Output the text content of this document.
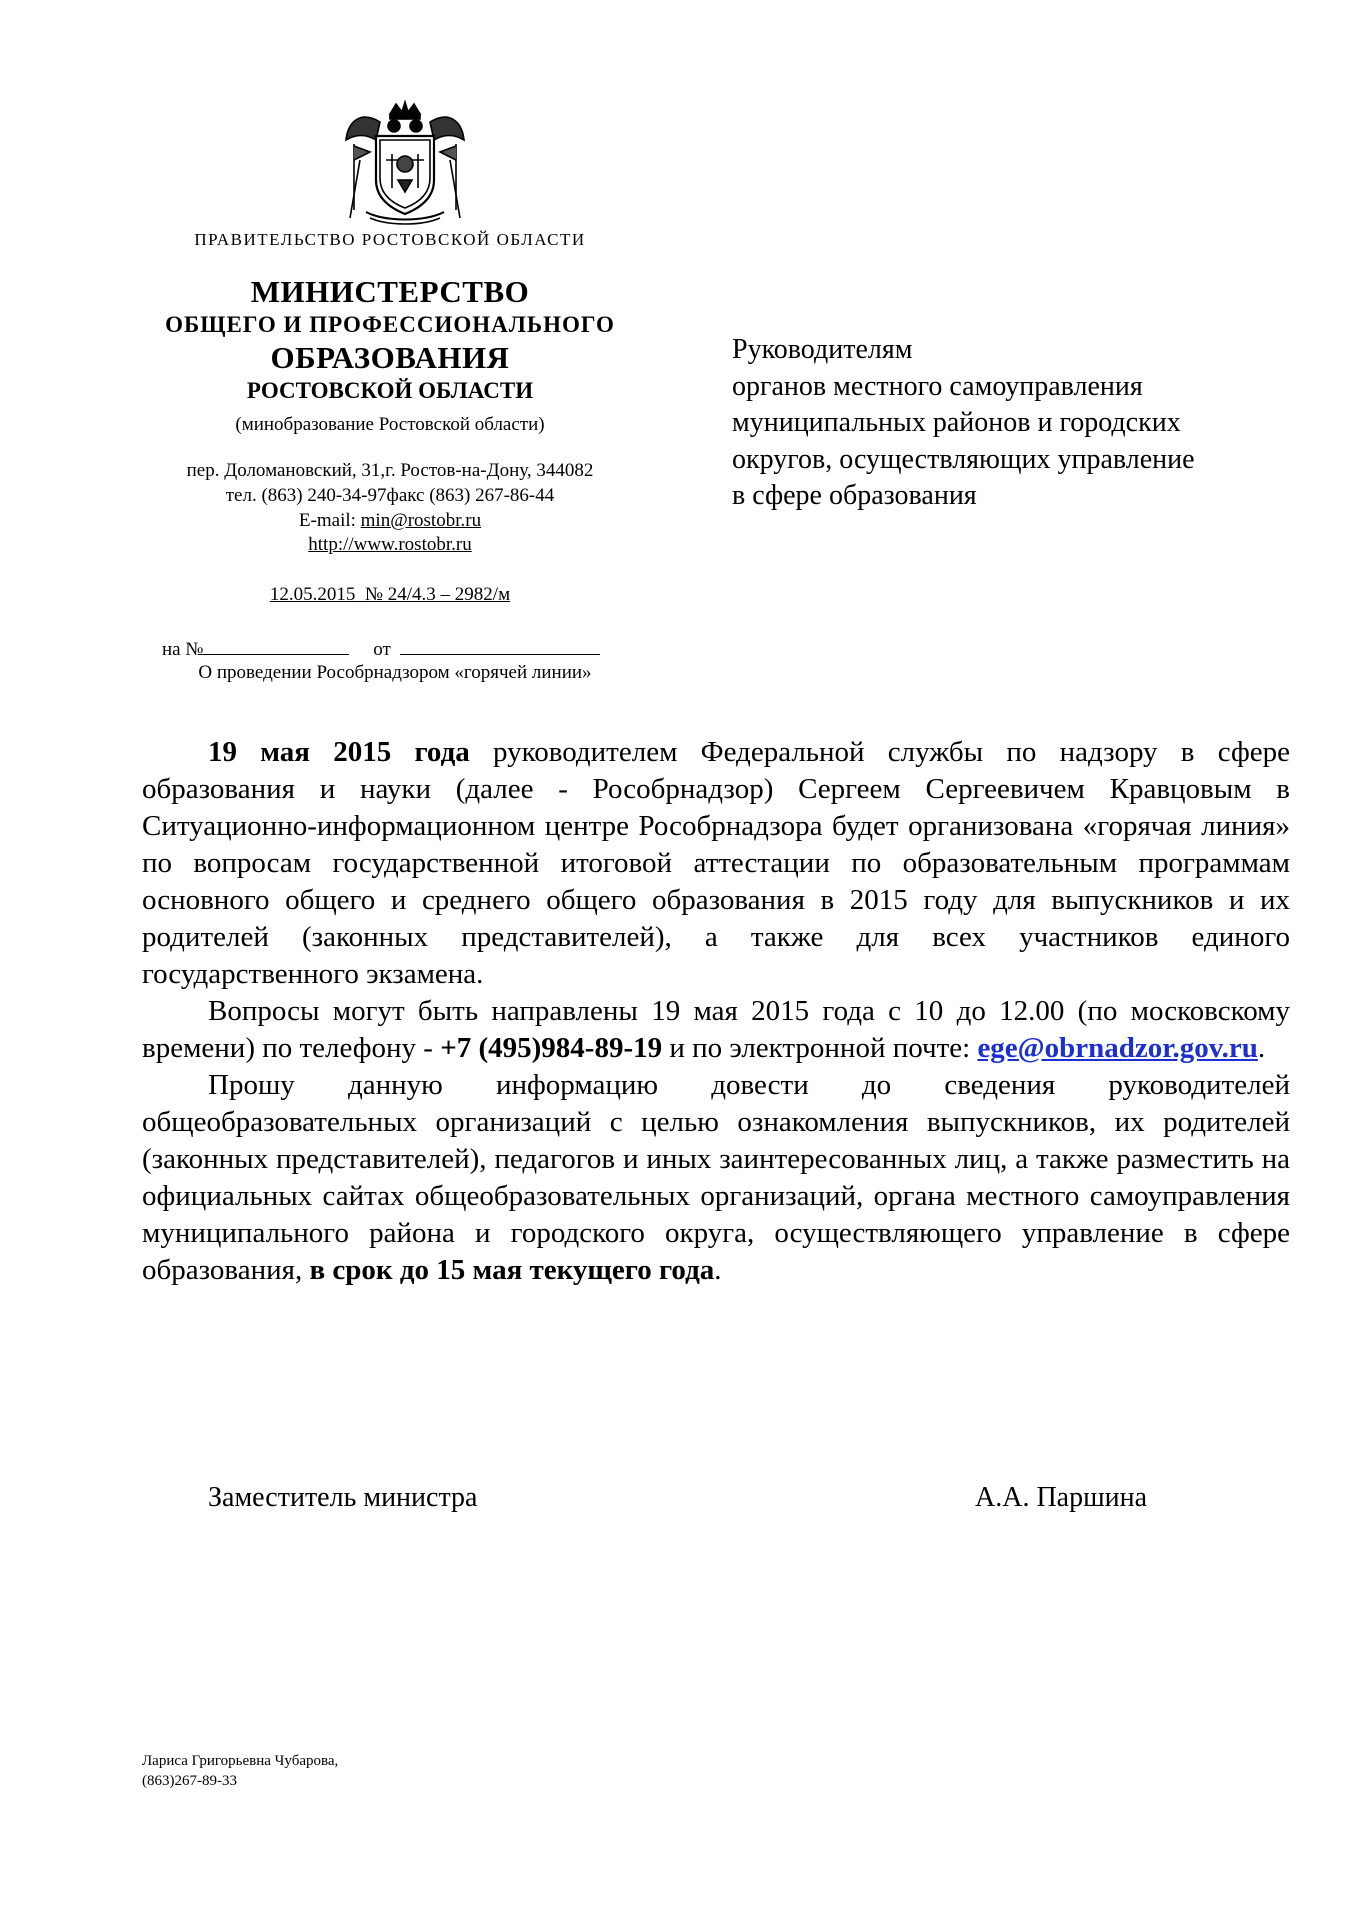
ПРАВИТЕЛЬСТВО РОСТОВСКОЙ ОБЛАСТИ
МИНИСТЕРСТВО
ОБЩЕГО И ПРОФЕССИОНАЛЬНОГО
ОБРАЗОВАНИЯ
РОСТОВСКОЙ ОБЛАСТИ
(минобразование Ростовской области)
пер. Доломановский, 31,г. Ростов-на-Дону, 344082
тел. (863) 240-34-97факс (863) 267-86-44
E-mail: min@rostobr.ru
http://www.rostobr.ru
12.05.2015 № 24/4.3 – 2982/м
на №	от
О проведении Рособрнадзором «горячей линии»
Руководителям
органов местного самоуправления
муниципальных районов и городских
округов, осуществляющих управление
в сфере образования

19 мая 2015 года руководителем Федеральной службы по надзору в сфере образования и науки (далее - Рособрнадзор) Сергеем Сергеевичем Кравцовым в Ситуационно-информационном центре Рособрнадзора будет организована «горячая линия» по вопросам государственной итоговой аттестации по образовательным программам основного общего и среднего общего образования в 2015 году для выпускников и их родителей (законных представителей), а также для всех участников единого государственного экзамена.

Вопросы могут быть направлены 19 мая 2015 года с 10 до 12.00 (по московскому времени) по телефону - +7 (495)984-89-19 и по электронной почте: ege@obrnadzor.gov.ru.

Прошу данную информацию довести до сведения руководителей общеобразовательных организаций с целью ознакомления выпускников, их родителей (законных представителей), педагогов и иных заинтересованных лиц, а также разместить на официальных сайтах общеобразовательных организаций, органа местного самоуправления муниципального района и городского округа, осуществляющего управление в сфере образования, в срок до 15 мая текущего года.

Заместитель министра	А.А. Паршина
Лариса Григорьевна Чубарова,
(863)267-89-33
